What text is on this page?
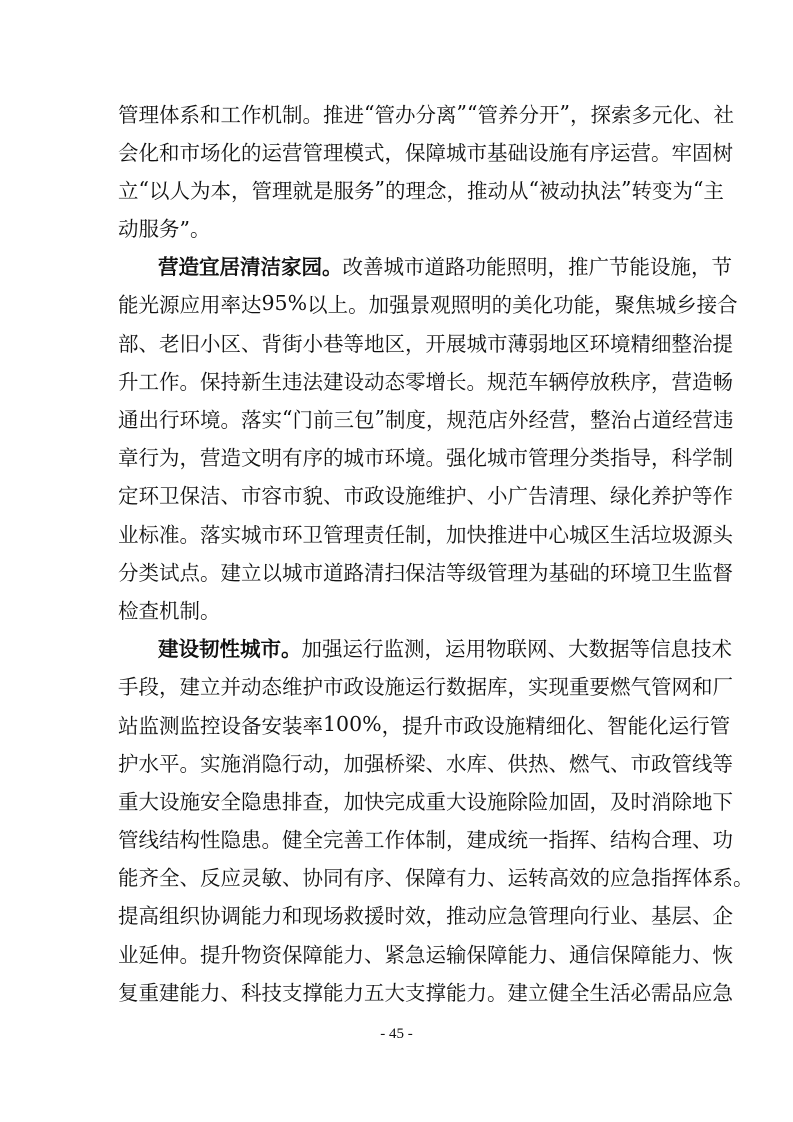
管 理 体 系 和 工 作 机 制 。 推 进 “ 管 办 分 离 ” “ 管 养 分 开 ” ， 探 索 多 元 化 、 社
会 化 和 市 场 化 的 运 营 管 理 模 式 ， 保 障 城 市 基 础 设 施 有 序 运 营 。 牢 固 树
立 “ 以 人 为 本 ， 管 理 就 是 服 务 ” 的 理 念 ， 推 动 从 “ 被 动 执 法 ” 转 变 为 “ 主
动服务”。
营造宜居清洁家园。 改善城市道路功能照明，推广节能设施，节
能 光 源 应 用 率 达 9 5 % 以 上 。 加 强 景 观 照 明 的 美 化 功 能 ， 聚 焦 城 乡 接 合
部 、 老 旧 小 区 、 背 街 小 巷 等 地 区 ， 开 展 城 市 薄 弱 地 区 环 境 精 细 整 治 提
升 工 作 。 保 持 新 生 违 法 建 设 动 态 零 增 长 。 规 范 车 辆 停 放 秩 序 ， 营 造 畅
通 出 行 环 境 。 落 实 “ 门 前 三 包 ” 制 度 ， 规 范 店 外 经 营 ， 整 治 占 道 经 营 违
章 行 为 ， 营 造 文 明 有 序 的 城 市 环 境 。 强 化 城 市 管 理 分 类 指 导 ， 科 学 制
定 环 卫 保 洁 、 市 容 市 貌 、 市 政 设 施 维 护 、 小 广 告 清 理 、 绿 化 养 护 等 作
业 标 准 。 落 实 城 市 环 卫 管 理 责 任 制 ， 加 快 推 进 中 心 城 区 生 活 垃 圾 源 头
分 类 试 点 。 建 立 以 城 市 道 路 清 扫 保 洁 等 级 管 理 为 基 础 的 环 境 卫 生 监 督
检查机制。
建设韧性城市。 加强运行监测，运用物联网、大数据等信息技术
手 段 ， 建 立 并 动 态 维 护 市 政 设 施 运 行 数 据 库 ， 实 现 重 要 燃 气 管 网 和 厂
站 监 测 监 控 设 备 安 装 率 1 0 0 % ， 提 升 市 政 设 施 精 细 化 、 智 能 化 运 行 管
护 水 平 。 实 施 消 隐 行 动 ， 加 强 桥 梁 、 水 库 、 供 热 、 燃 气 、 市 政 管 线 等
重 大 设 施 安 全 隐 患 排 查 ， 加 快 完 成 重 大 设 施 除 险 加 固 ， 及 时 消 除 地 下
管 线 结 构 性 隐 患 。 健 全 完 善 工 作 体 制 ， 建 成 统 一 指 挥 、 结 构 合 理 、 功
能 齐 全 、 反 应 灵 敏 、 协 同 有 序 、 保 障 有 力 、 运 转 高 效 的 应 急 指 挥 体 系 。
提 高 组 织 协 调 能 力 和 现 场 救 援 时 效 ， 推 动 应 急 管 理 向 行 业 、 基 层 、 企
业 延 伸 。 提 升 物 资 保 障 能 力 、 紧 急 运 输 保 障 能 力 、 通 信 保 障 能 力 、 恢
复 重 建 能 力 、 科 技 支 撑 能 力 五 大 支 撑 能 力 。 建 立 健 全 生 活 必 需 品 应 急
- 45 -
